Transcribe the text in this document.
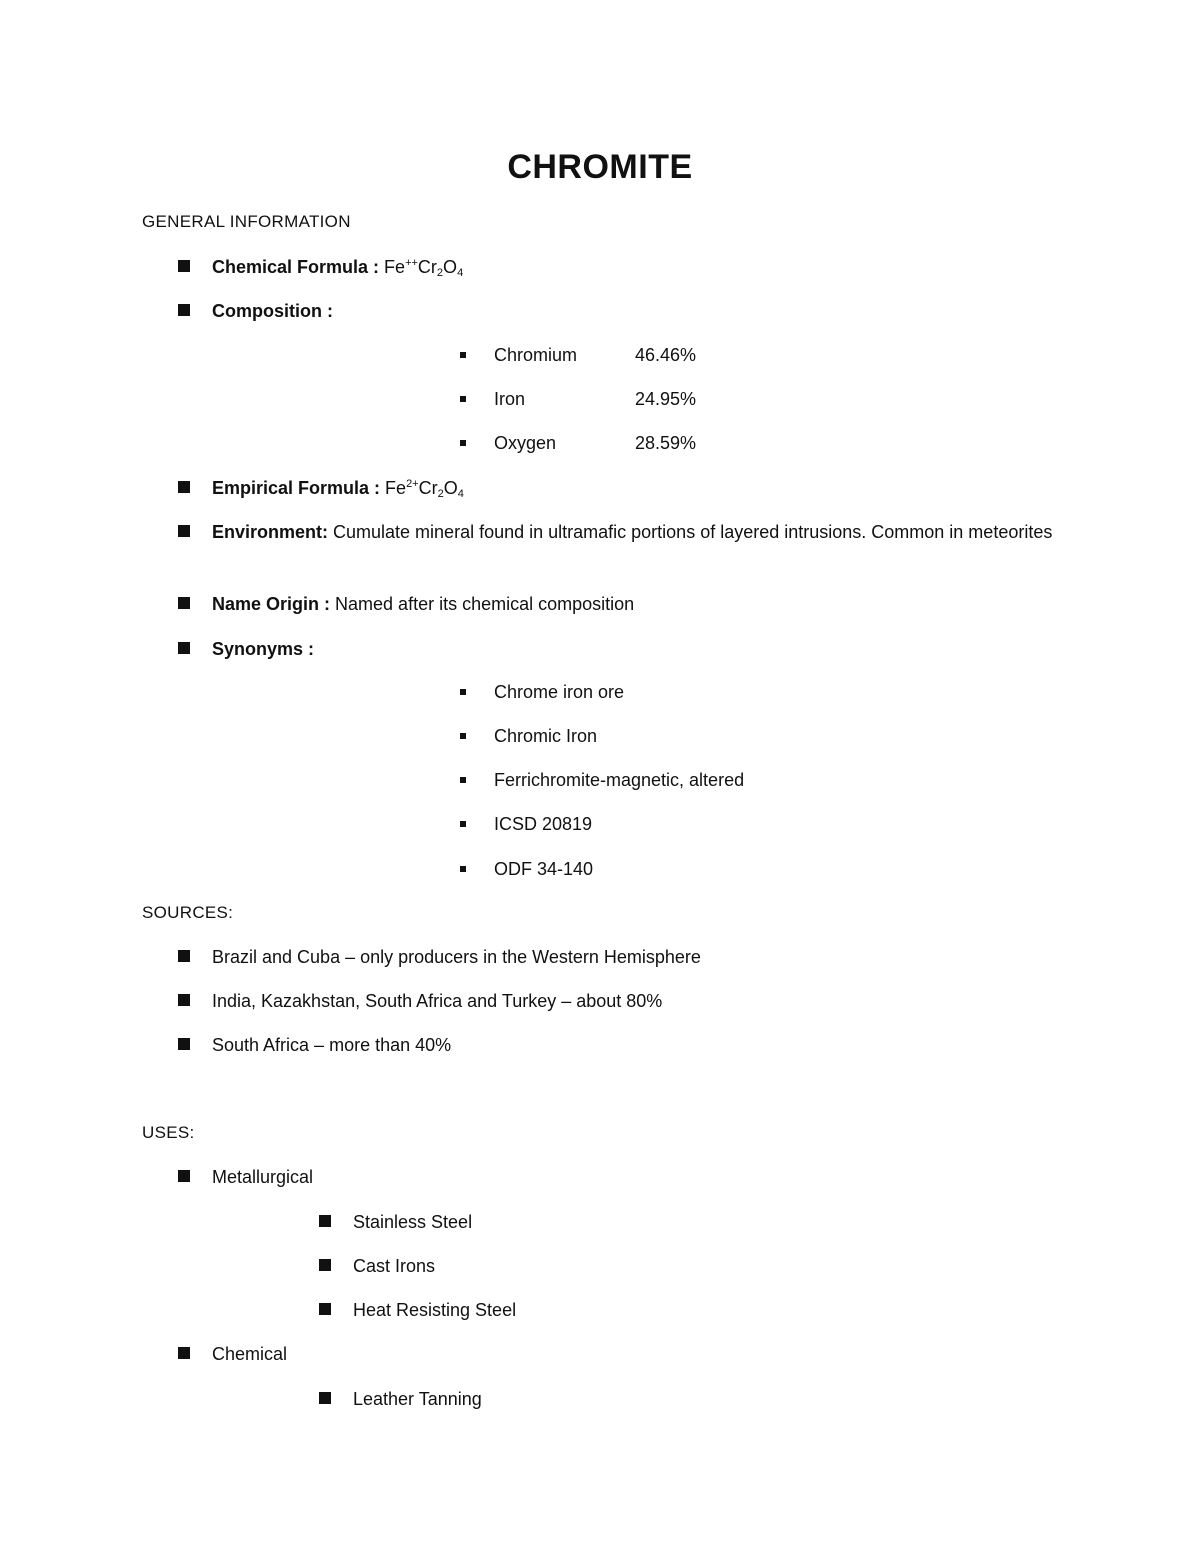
CHROMITE
GENERAL INFORMATION
Chemical Formula : $Fe^{++}Cr_2O_4$
Composition :
Chromium	46.46%
Iron	24.95%
Oxygen	28.59%
Empirical Formula : $Fe^{2+}Cr_2O_4$
Environment: Cumulate mineral found in ultramafic portions of layered intrusions. Common in meteorites
Name Origin : Named after its chemical composition
Synonyms :
Chrome iron ore
Chromic Iron
Ferrichromite-magnetic, altered
ICSD 20819
ODF 34-140
SOURCES:
Brazil and Cuba – only producers in the Western Hemisphere
India, Kazakhstan, South Africa and Turkey – about 80%
South Africa – more than 40%
USES:
Metallurgical
Stainless Steel
Cast Irons
Heat Resisting Steel
Chemical
Leather Tanning
